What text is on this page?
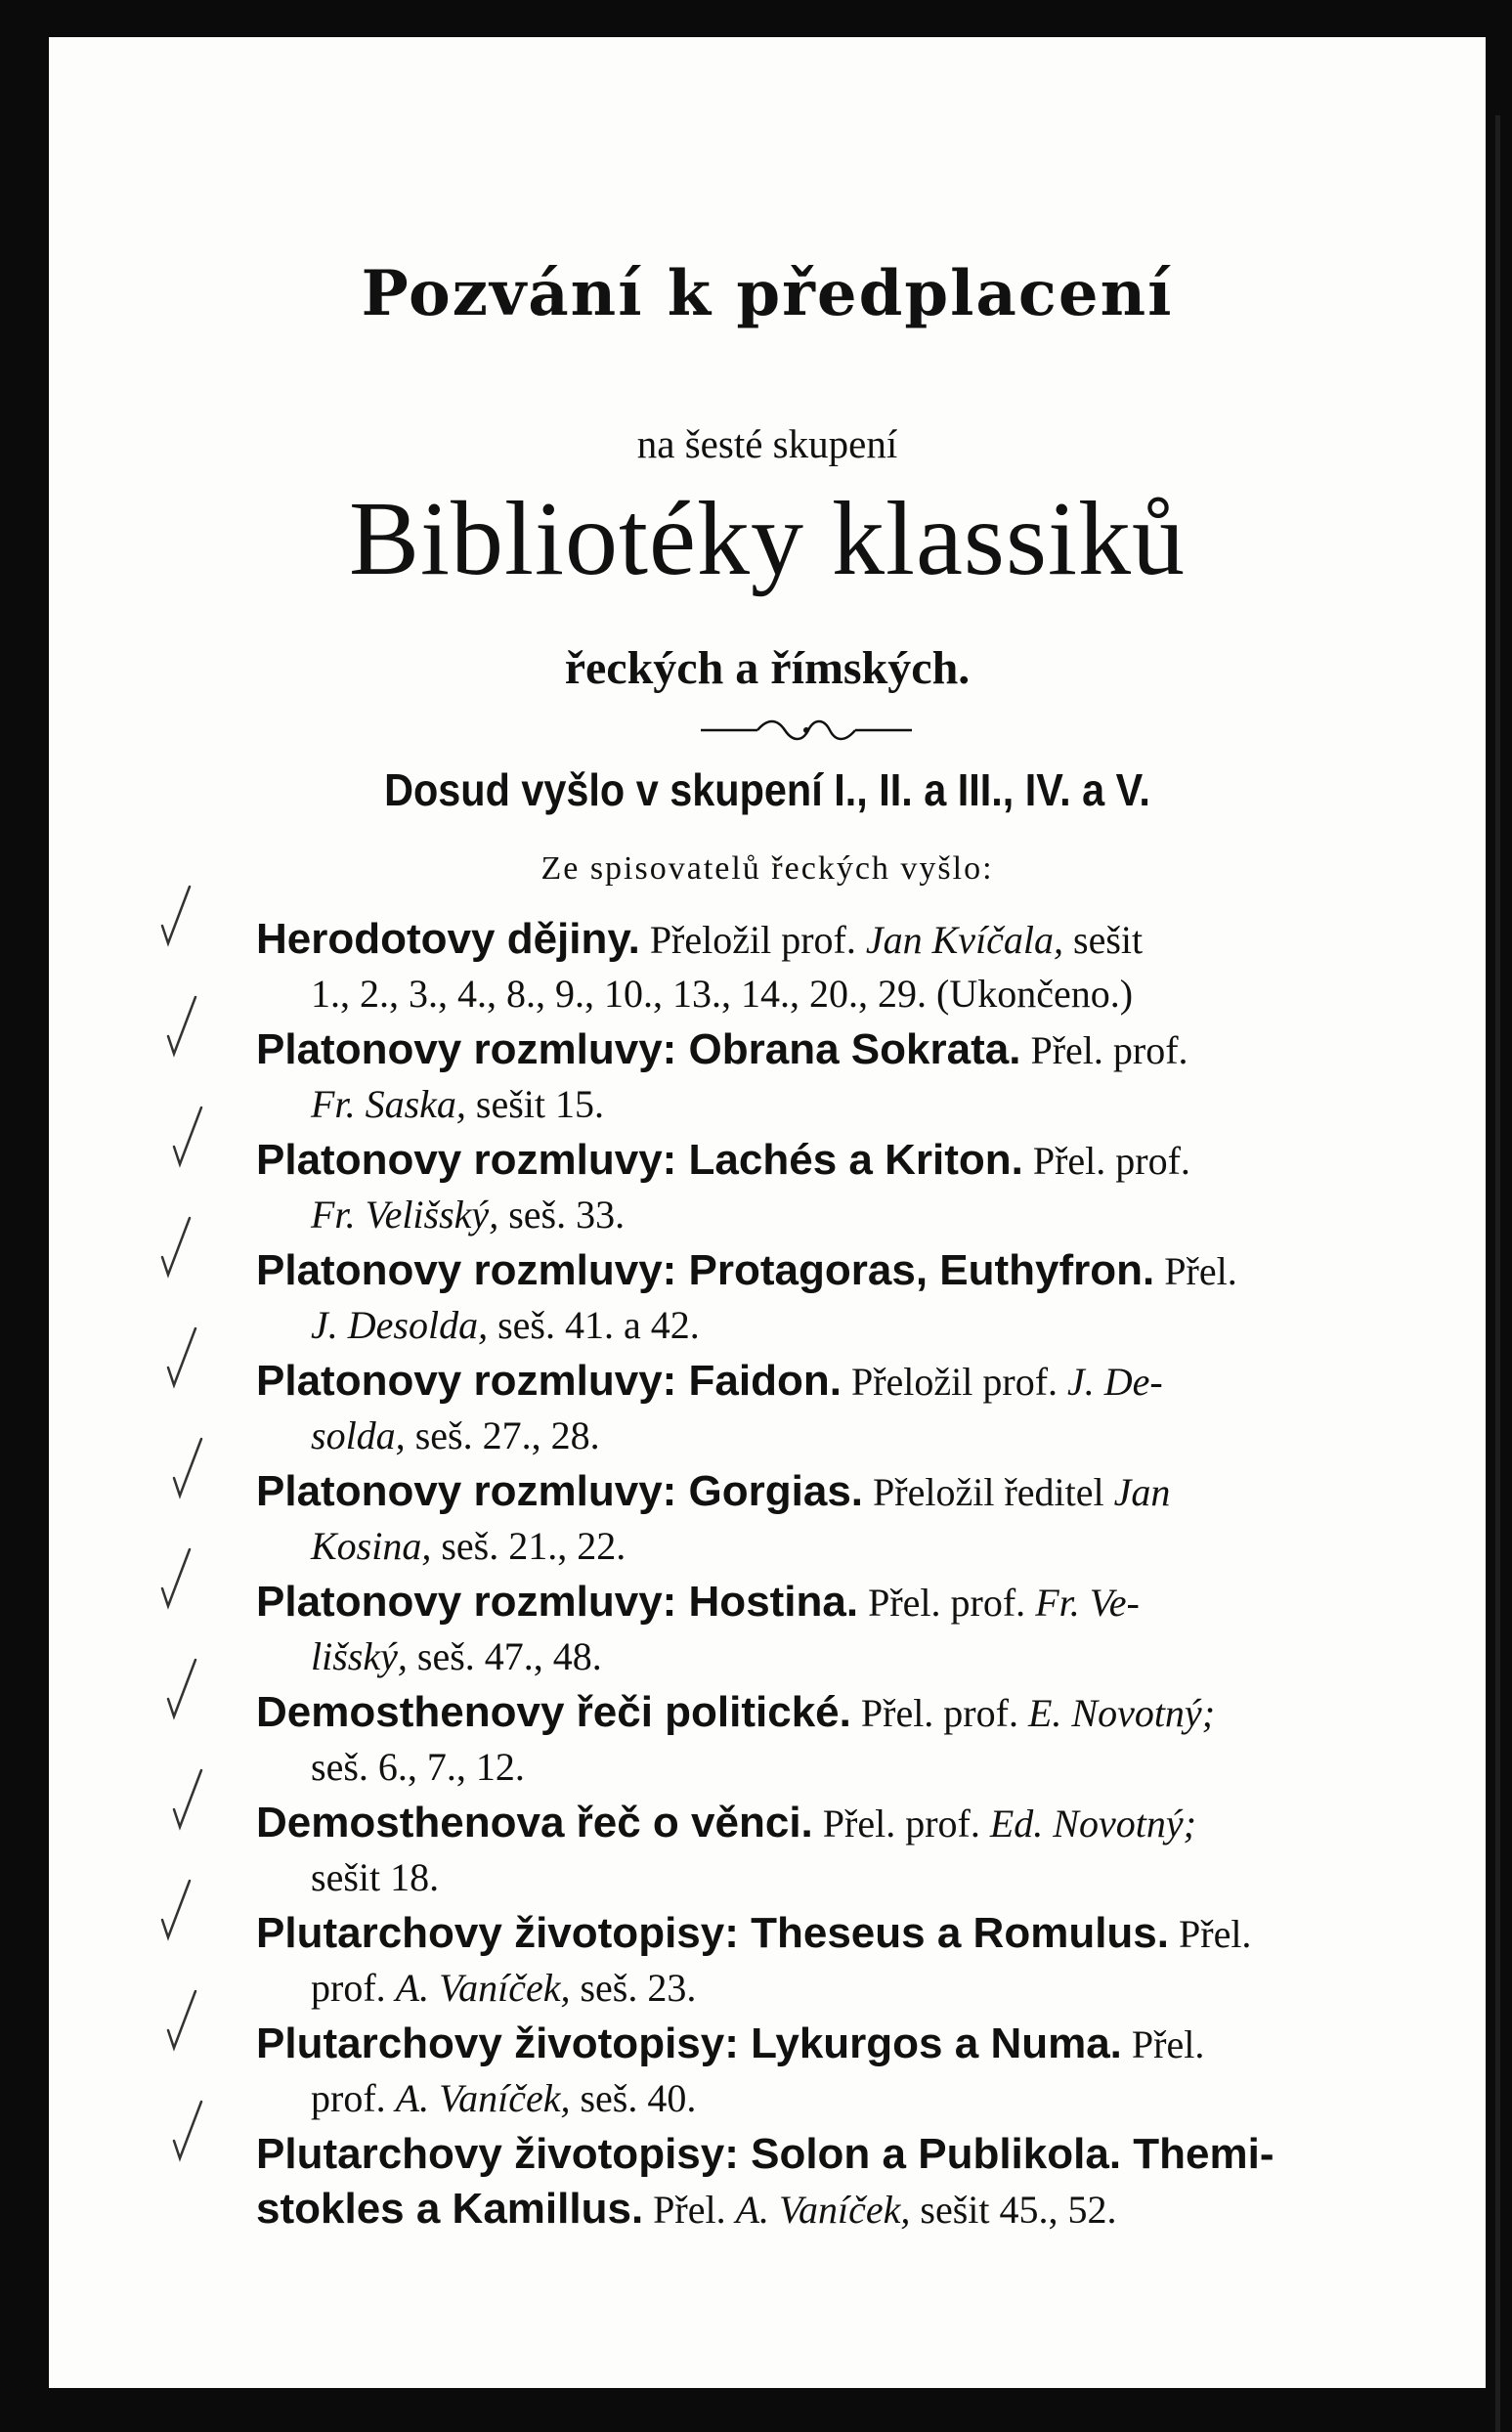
Pozvání k předplacení
na šesté skupení
Bibliotéky klassiků
řeckých a římských.
Dosud vyšlo v skupení I., II. a III., IV. a V.
Ze spisovatelů řeckých vyšlo:
Herodotovy dějiny. Přeložil prof. Jan Kvíčala, sešit
1., 2., 3., 4., 8., 9., 10., 13., 14., 20., 29. (Ukončeno.)
Platonovy rozmluvy: Obrana Sokrata. Přel. prof.
Fr. Saska, sešit 15.
Platonovy rozmluvy: Lachés a Kriton. Přel. prof.
Fr. Velišský, seš. 33.
Platonovy rozmluvy: Protagoras, Euthyfron. Přel.
J. Desolda, seš. 41. a 42.
Platonovy rozmluvy: Faidon. Přeložil prof. J. De-
solda, seš. 27., 28.
Platonovy rozmluvy: Gorgias. Přeložil ředitel Jan
Kosina, seš. 21., 22.
Platonovy rozmluvy: Hostina. Přel. prof. Fr. Ve-
lišský, seš. 47., 48.
Demosthenovy řeči politické. Přel. prof. E. Novotný;
seš. 6., 7., 12.
Demosthenova řeč o věnci. Přel. prof. Ed. Novotný;
sešit 18.
Plutarchovy životopisy: Theseus a Romulus. Přel.
prof. A. Vaníček, seš. 23.
Plutarchovy životopisy: Lykurgos a Numa. Přel.
prof. A. Vaníček, seš. 40.
Plutarchovy životopisy: Solon a Publikola. Themi-
stokles a Kamillus. Přel. A. Vaníček, sešit 45., 52.
